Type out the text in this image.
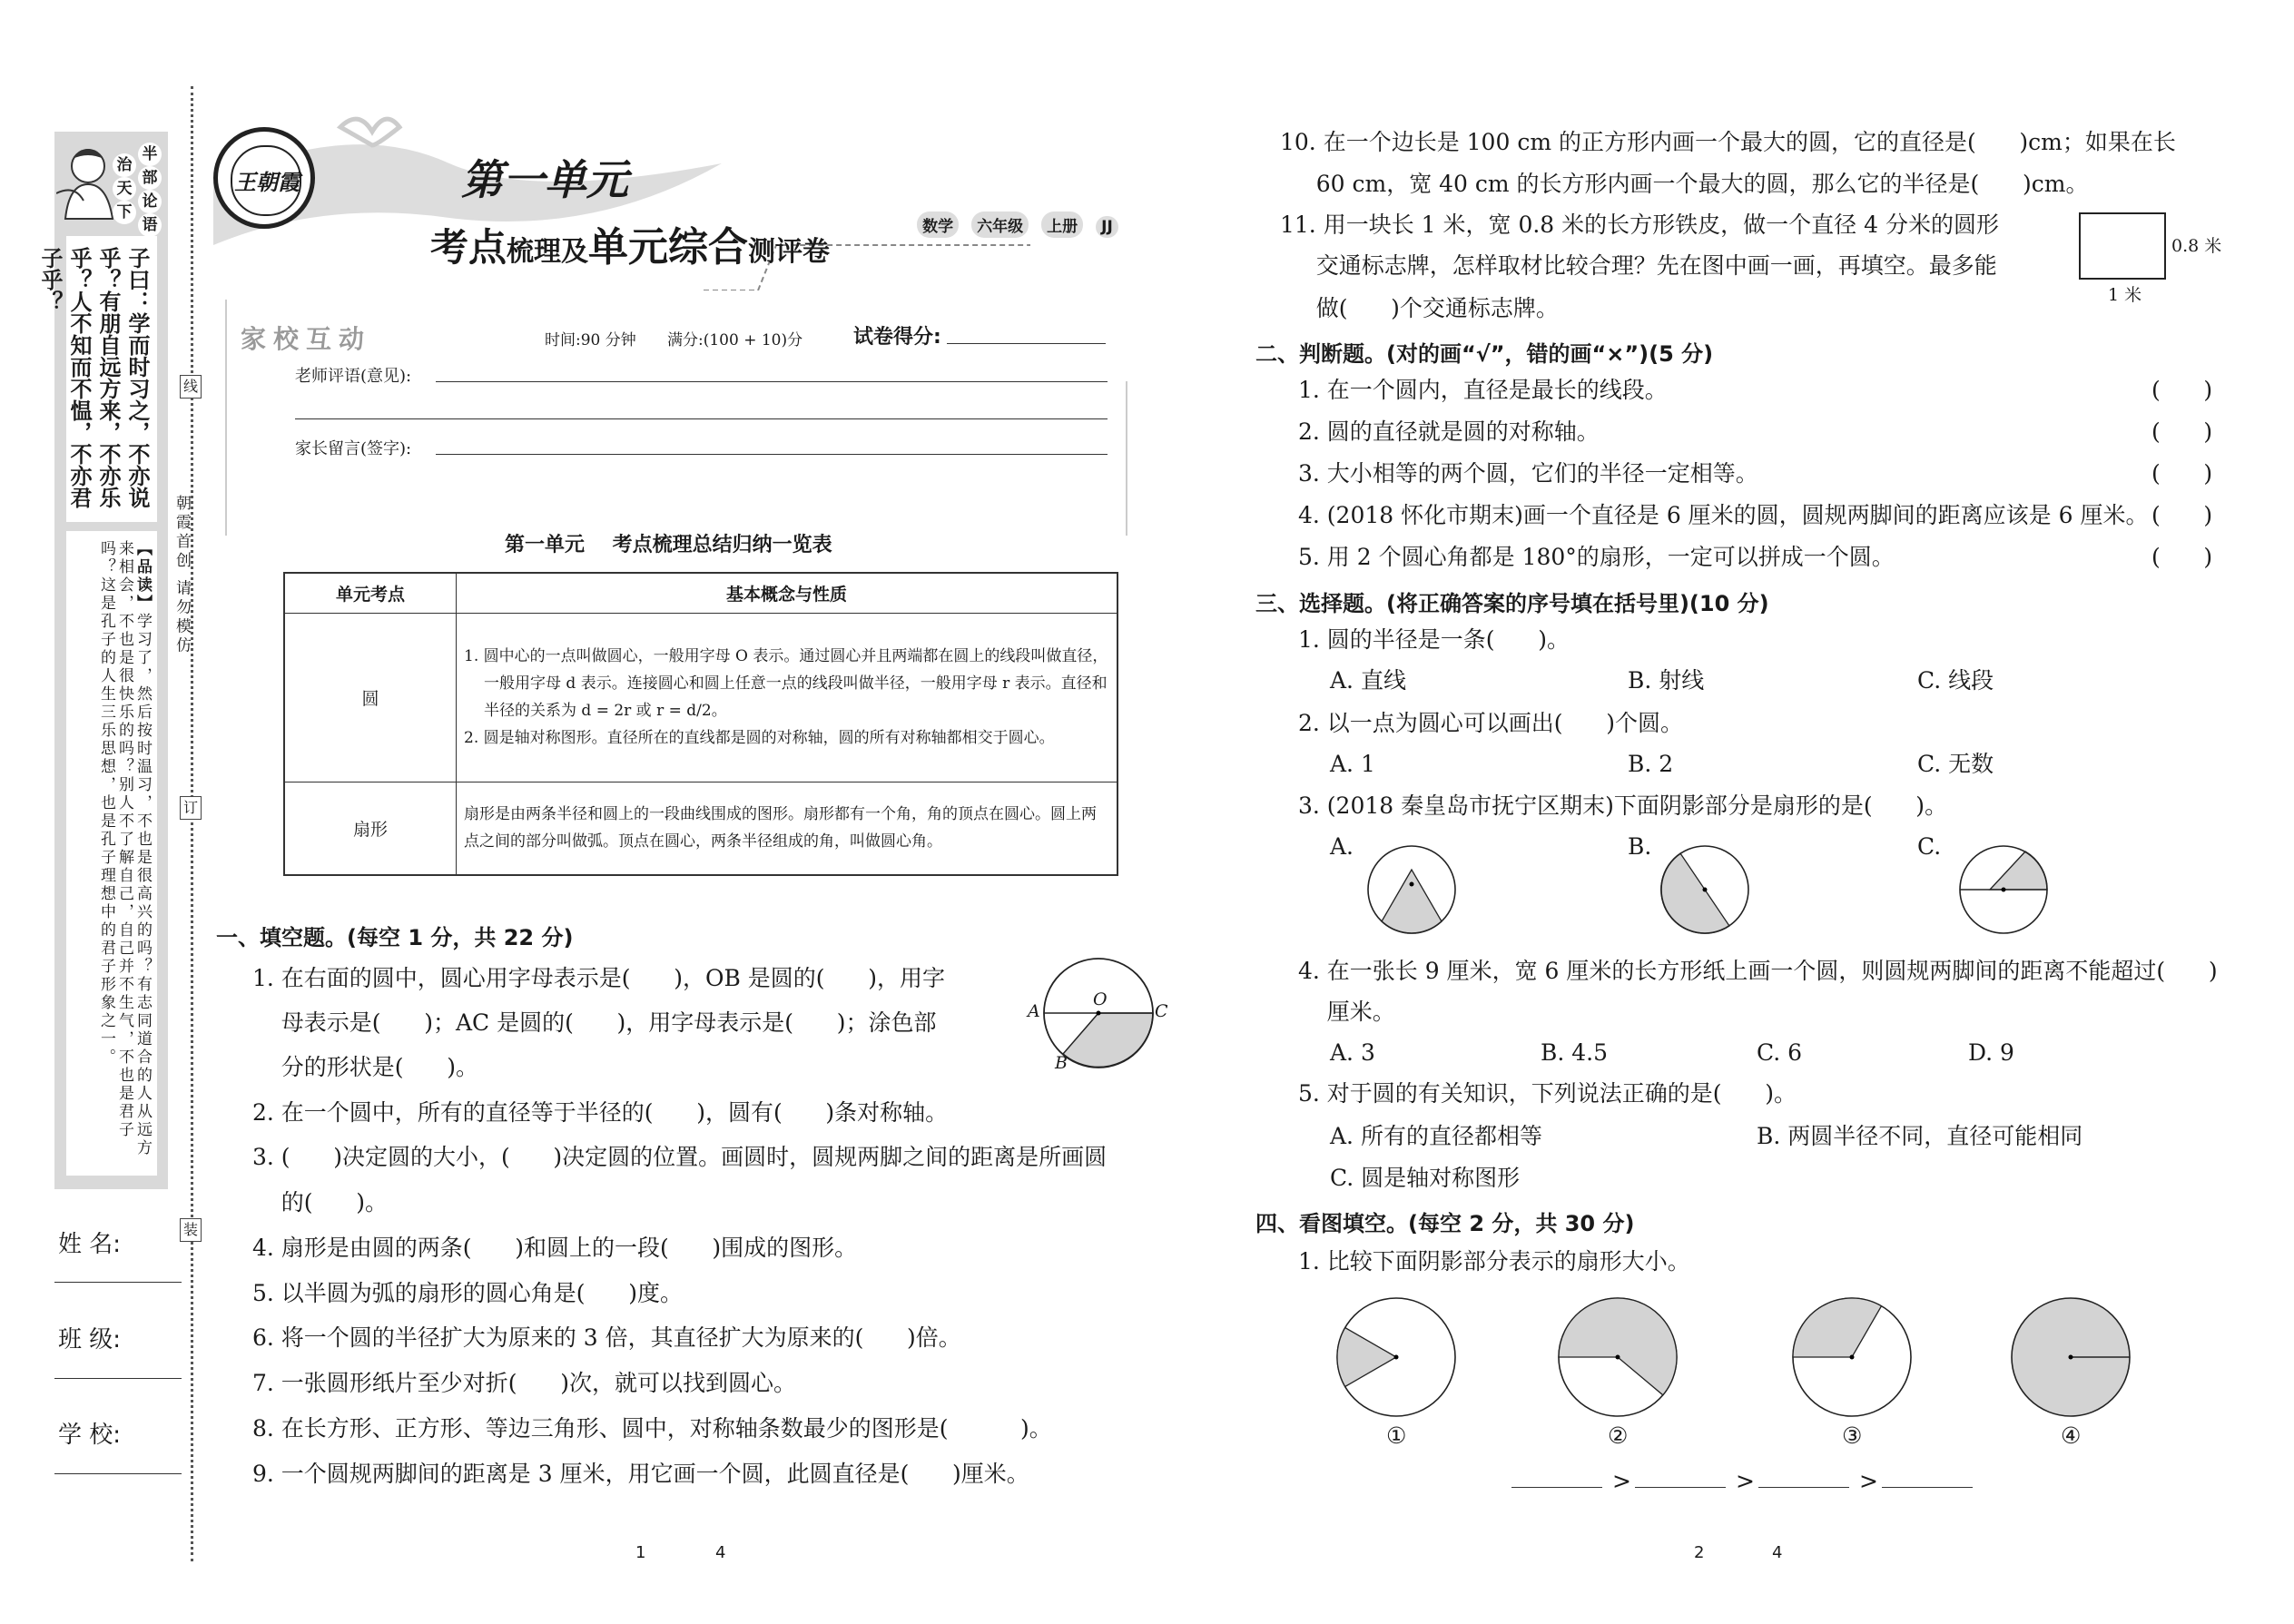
半
部
论
语
治
天
下
子曰：学而时习之，不亦说乎？有朋自远方来，不亦乐乎？人不知而不愠，不亦君子乎？
【品读】学习了，然后按时温习，不也是很高兴的吗？有志同道合的人从远方来相会，不也是很快乐的吗？别人不了解自己，自己并不生气，不也是君子吗？这是孔子的人生三乐思想，也是孔子理想中的君子形象之一。
线
订
装
朝霞首创 请勿模仿
姓 名:
班 级:
学 校:

王朝霞	第一单元
考点梳理及单元综合测评卷

数学 六年级 上册 JJ

家校互动	时间:90 分钟 满分:(100 + 10)分	试卷得分:
老师评语(意见):
家长留言(签字):
第一单元    考点梳理总结归纳一览表
单元考点	基本概念与性质
圆	1. 圆中心的一点叫做圆心，一般用字母 O 表示。通过圆心并且两端都在圆上的线段叫做直径，一般用字母 d 表示。连接圆心和圆上任意一点的线段叫做半径，一般用字母 r 表示。直径和半径的关系为 d = 2r 或 r = d/2。
2. 圆是轴对称图形。直径所在的直线都是圆的对称轴，圆的所有对称轴都相交于圆心。

扇形	扇形是由两条半径和圆上的一段曲线围成的图形。扇形都有一个角，角的顶点在圆心。圆上两点之间的部分叫做弧。顶点在圆心，两条半径组成的角，叫做圆心角。
一、填空题。(每空 1 分，共 22 分)
1. 在右面的圆中，圆心用字母表示是(      )，OB 是圆的(      )，用字
母表示是(      )；AC 是圆的(      )，用字母表示是(      )；涂色部
分的形状是(      )。
2. 在一个圆中，所有的直径等于半径的(      )，圆有(      )条对称轴。
3. (      )决定圆的大小，(      )决定圆的位置。画圆时，圆规两脚之间的距离是所画圆
的(      )。
4. 扇形是由圆的两条(      )和圆上的一段(      )围成的图形。
5. 以半圆为弧的扇形的圆心角是(      )度。
6. 将一个圆的半径扩大为原来的 3 倍，其直径扩大为原来的(      )倍。
7. 一张圆形纸片至少对折(      )次，就可以找到圆心。
8. 在长方形、正方形、等边三角形、圆中，对称轴条数最少的图形是(          )。
9. 一个圆规两脚间的距离是 3 厘米，用它画一个圆，此圆直径是(      )厘米。
A
O
C
B
1	4
10. 在一个边长是 100 cm 的正方形内画一个最大的圆，它的直径是(      )cm；如果在长
60 cm，宽 40 cm 的长方形内画一个最大的圆，那么它的半径是(      )cm。
11. 用一块长 1 米，宽 0.8 米的长方形铁皮，做一个直径 4 分米的圆形
交通标志牌，怎样取材比较合理？先在图中画一画，再填空。最多能
做(      )个交通标志牌。
0.8 米
1 米
二、判断题。(对的画“√”，错的画“×”)(5 分)
1. 在一个圆内，直径是最长的线段。
2. 圆的直径就是圆的对称轴。
3. 大小相等的两个圆，它们的半径一定相等。
4. (2018 怀化市期末)画一个直径是 6 厘米的圆，圆规两脚间的距离应该是 6 厘米。
5. 用 2 个圆心角都是 180°的扇形，一定可以拼成一个圆。
(      )
(      )
(      )
(      )
(      )
三、选择题。(将正确答案的序号填在括号里)(10 分)
1. 圆的半径是一条(      )。
A. 直线	B. 射线	C. 线段
2. 以一点为圆心可以画出(      )个圆。
A. 1	B. 2	C. 无数
3. (2018 秦皇岛市抚宁区期末)下面阴影部分是扇形的是(      )。
A.	B.	C.
4. 在一张长 9 厘米，宽 6 厘米的长方形纸上画一个圆，则圆规两脚间的距离不能超过(      )
厘米。
A. 3	B. 4.5	C. 6	D. 9
5. 对于圆的有关知识，下列说法正确的是(      )。
A. 所有的直径都相等	B. 两圆半径不同，直径可能相同
C. 圆是轴对称图形
四、看图填空。(每空 2 分，共 30 分)
1. 比较下面阴影部分表示的扇形大小。
①	②	③	④
>	>	>
2	4
